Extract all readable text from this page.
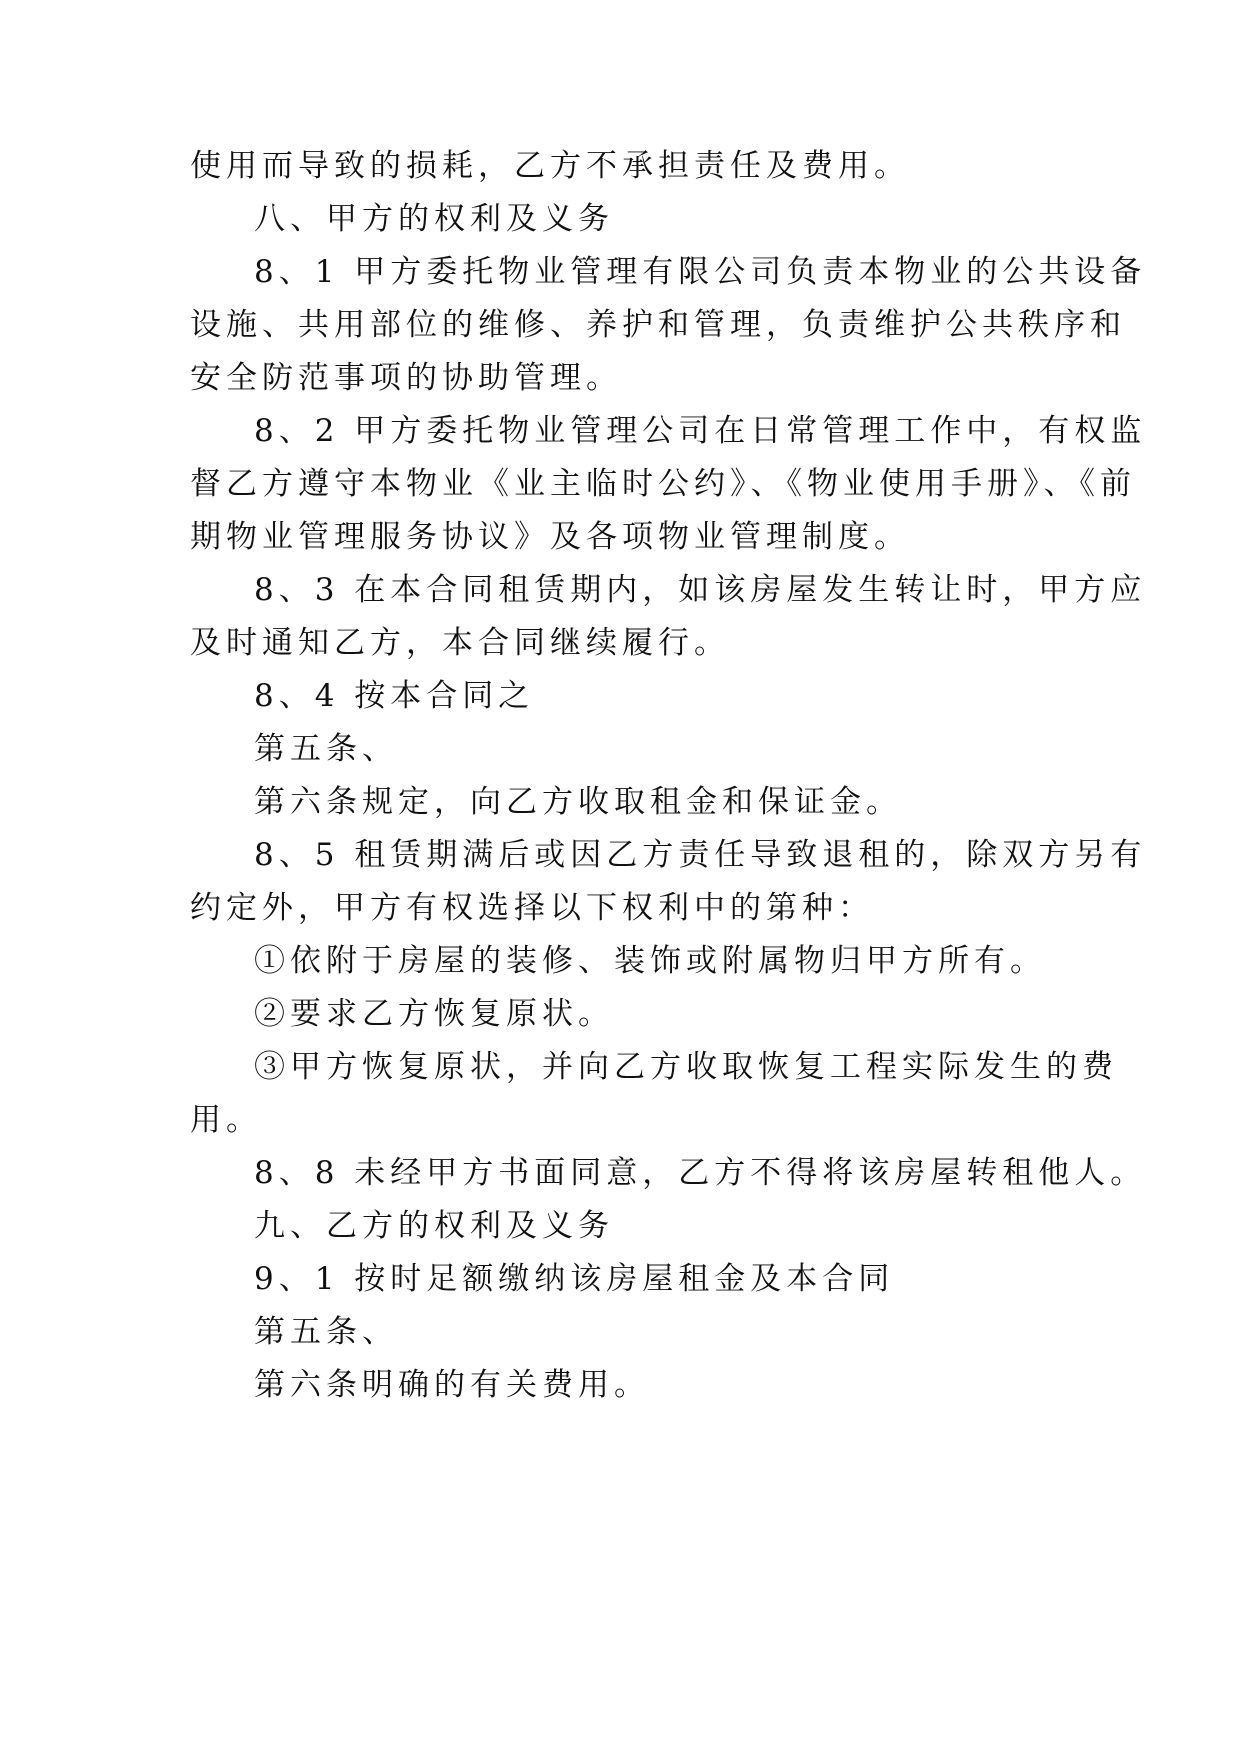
使用而导致的损耗，乙方不承担责任及费用。
八、甲方的权利及义务
8、1 甲方委托物业管理有限公司负责本物业的公共设备
设施、共用部位的维修、养护和管理，负责维护公共秩序和
安全防范事项的协助管理。
8、2 甲方委托物业管理公司在日常管理工作中，有权监
督乙方遵守本物业《业主临时公约》、《物业使用手册》、《前
期物业管理服务协议》及各项物业管理制度。
8、3 在本合同租赁期内，如该房屋发生转让时，甲方应
及时通知乙方，本合同继续履行。
8、4 按本合同之
第五条、
第六条规定，向乙方收取租金和保证金。
8、5 租赁期满后或因乙方责任导致退租的，除双方另有
约定外，甲方有权选择以下权利中的第种：
①依附于房屋的装修、装饰或附属物归甲方所有。
②要求乙方恢复原状。
③甲方恢复原状，并向乙方收取恢复工程实际发生的费
用。
8、8 未经甲方书面同意，乙方不得将该房屋转租他人。
九、乙方的权利及义务
9、1 按时足额缴纳该房屋租金及本合同
第五条、
第六条明确的有关费用。
